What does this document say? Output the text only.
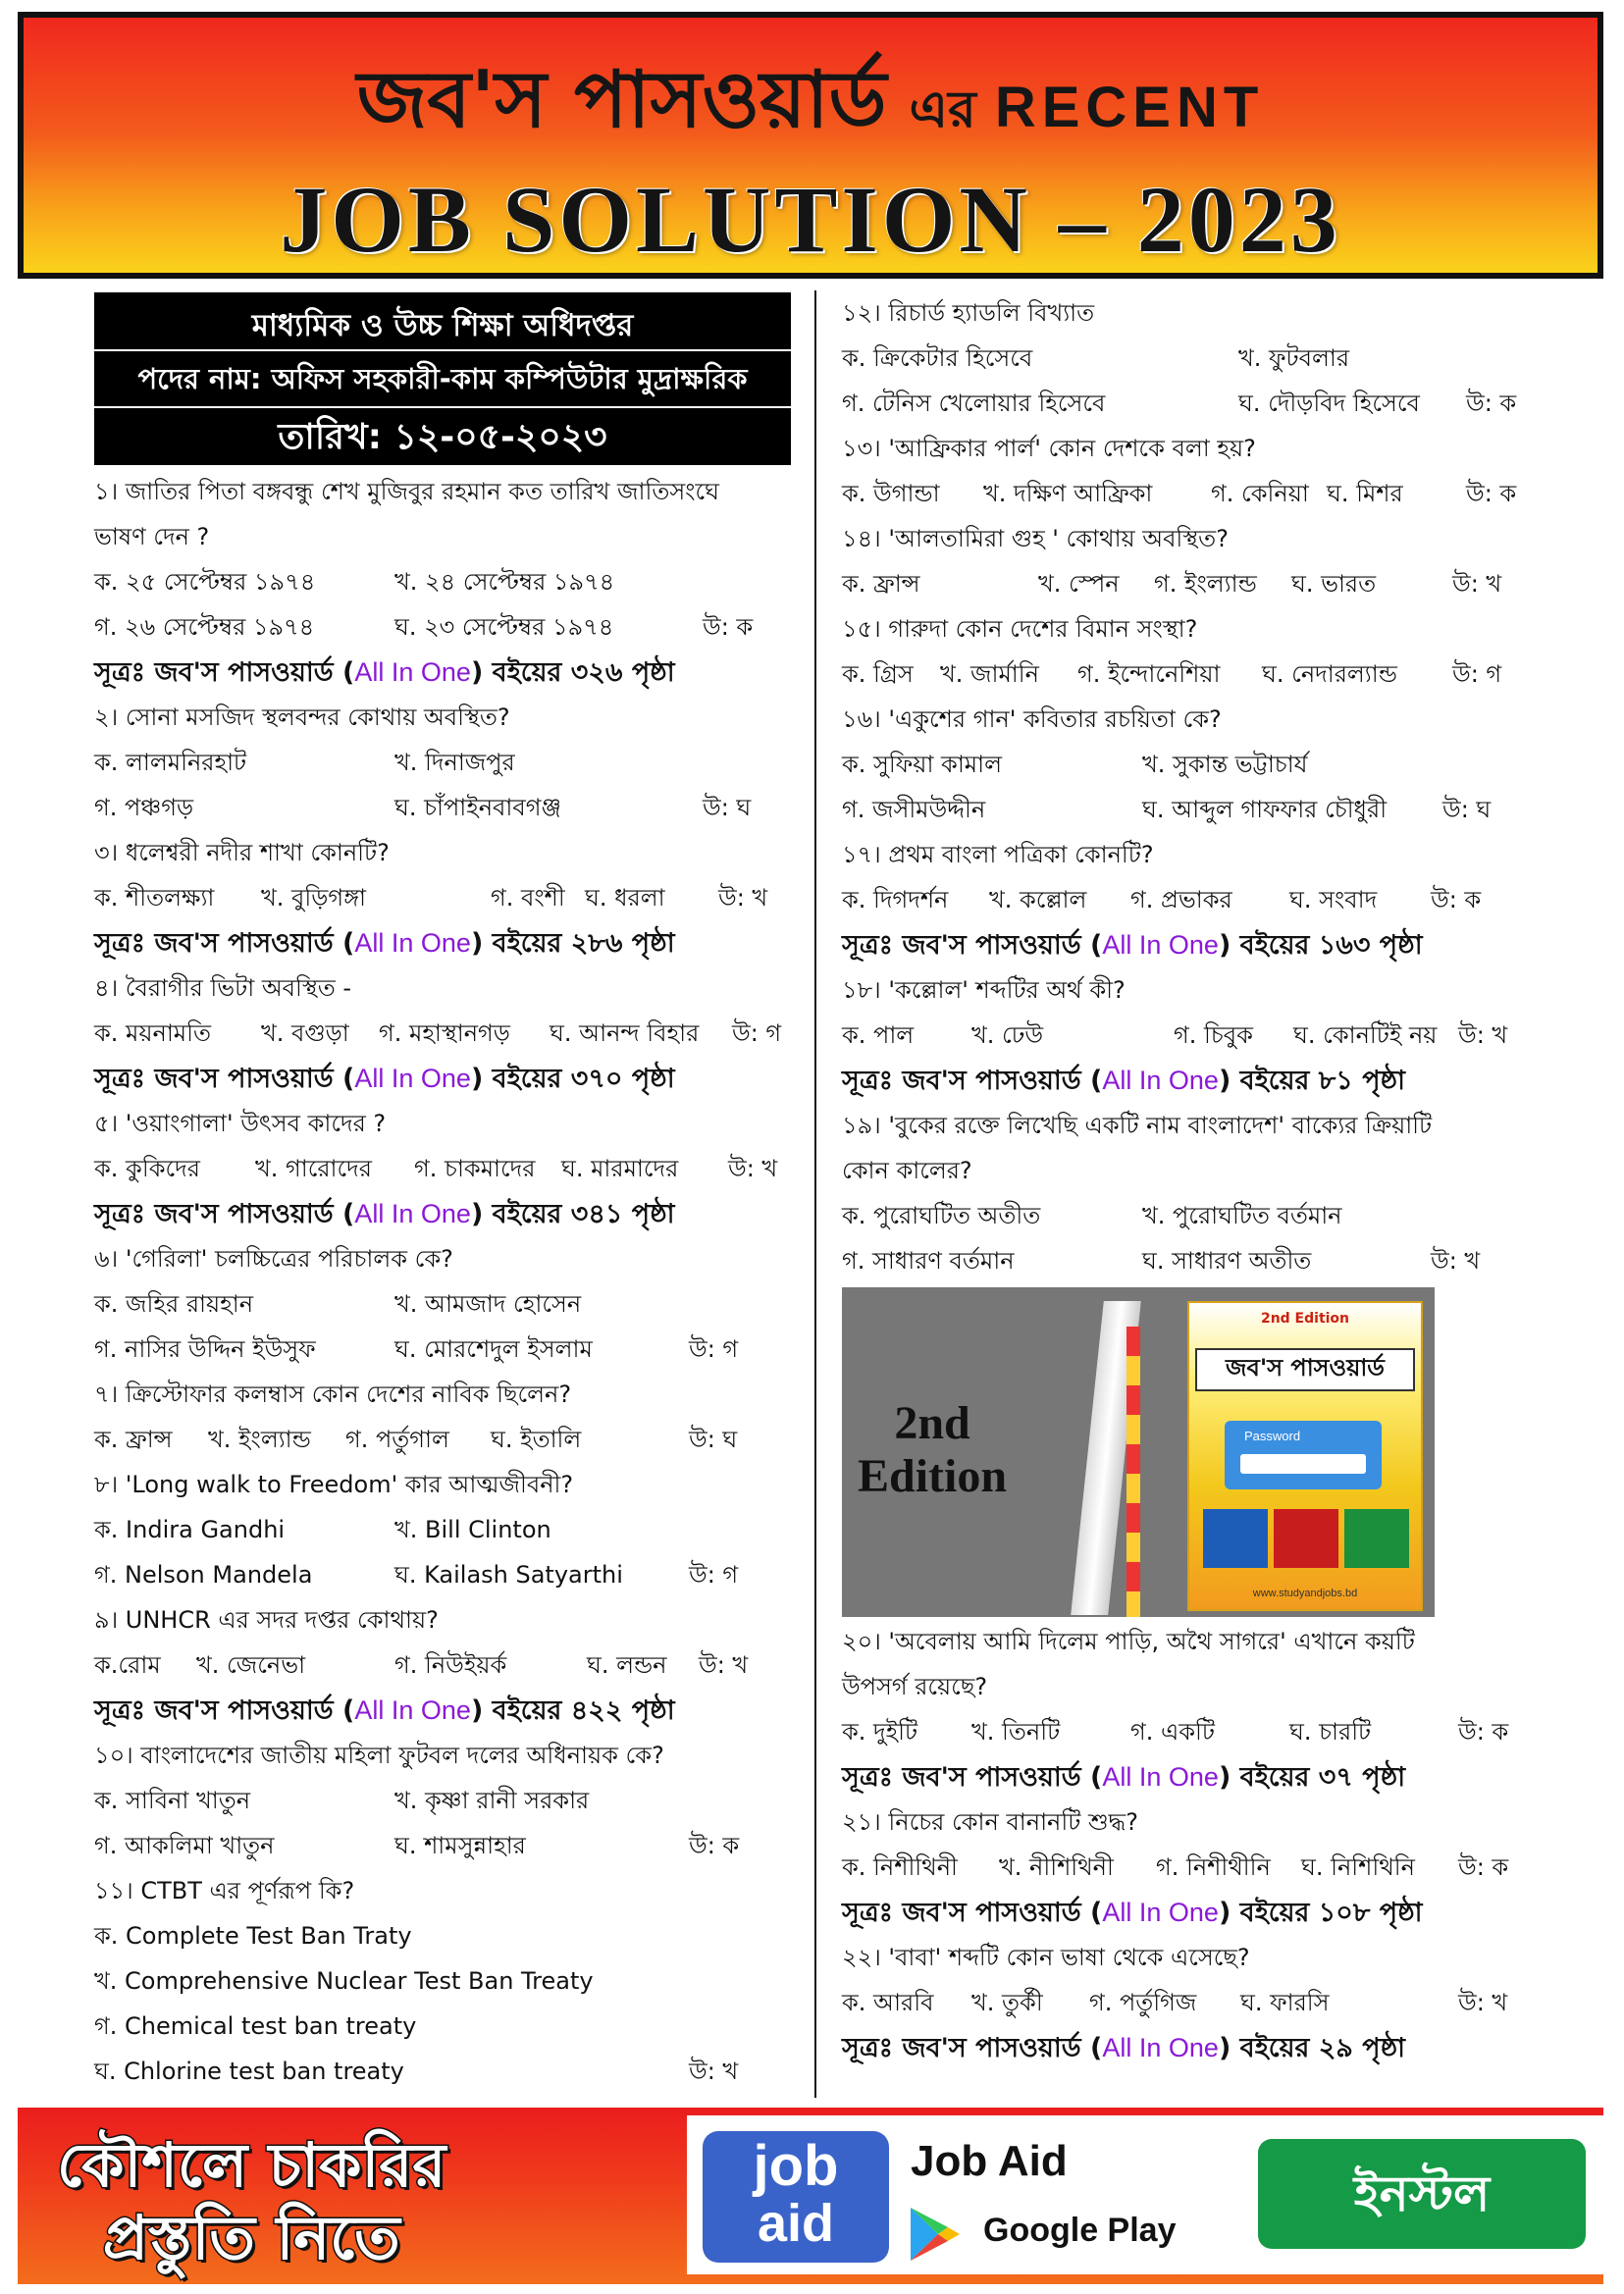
জব'স পাসওয়ার্ড এর RECENT
JOB SOLUTION – 2023
মাধ্যমিক ও উচ্চ শিক্ষা অধিদপ্তর
পদের নাম: অফিস সহকারী-কাম কম্পিউটার মুদ্রাক্ষরিক
তারিখ: ১২-০৫-২০২৩
১। জাতির পিতা বঙ্গবন্ধু শেখ মুজিবুর রহমান কত তারিখ জাতিসংঘে
ভাষণ দেন ?
ক. ২৫ সেপ্টেম্বর ১৯৭৪	খ. ২৪ সেপ্টেম্বর ১৯৭৪
গ. ২৬ সেপ্টেম্বর ১৯৭৪	ঘ. ২৩ সেপ্টেম্বর ১৯৭৪	উ: ক
সূত্রঃ জব'স পাসওয়ার্ড (All In One) বইয়ের ৩২৬ পৃষ্ঠা
২। সোনা মসজিদ স্থলবন্দর কোথায় অবস্থিত?
ক. লালমনিরহাট	খ. দিনাজপুর
গ. পঞ্চগড়	ঘ. চাঁপাইনবাবগঞ্জ	উ: ঘ
৩। ধলেশ্বরী নদীর শাখা কোনটি?
ক. শীতলক্ষ্যা খ. বুড়িগঙ্গা	গ. বংশী ঘ. ধরলা উ: খ
সূত্রঃ জব'স পাসওয়ার্ড (All In One) বইয়ের ২৮৬ পৃষ্ঠা
৪। বৈরাগীর ভিটা অবস্থিত -
ক. ময়নামতি খ. বগুড়া গ. মহাস্থানগড় ঘ. আনন্দ বিহার উ: গ
সূত্রঃ জব'স পাসওয়ার্ড (All In One) বইয়ের ৩৭০ পৃষ্ঠা
৫। 'ওয়াংগালা' উৎসব কাদের ?
ক. কুকিদের খ. গারোদের গ. চাকমাদের ঘ. মারমাদের উ: খ
সূত্রঃ জব'স পাসওয়ার্ড (All In One) বইয়ের ৩৪১ পৃষ্ঠা
৬। 'গেরিলা' চলচ্চিত্রের পরিচালক কে?
ক. জহির রায়হান	খ. আমজাদ হোসেন
গ. নাসির উদ্দিন ইউসুফ	ঘ. মোরশেদুল ইসলাম	উ: গ
৭। ক্রিস্টোফার কলম্বাস কোন দেশের নাবিক ছিলেন?
ক. ফ্রান্স খ. ইংল্যান্ড গ. পর্তুগাল ঘ. ইতালি	উ: ঘ
৮। 'Long walk to Freedom' কার আত্মজীবনী?
ক. Indira Gandhi	খ. Bill Clinton
গ. Nelson Mandela	ঘ. Kailash Satyarthi	উ: গ
৯। UNHCR এর সদর দপ্তর কোথায়?
ক.রোম খ. জেনেভা	গ. নিউইয়র্ক	ঘ. লন্ডন উ: খ
সূত্রঃ জব'স পাসওয়ার্ড (All In One) বইয়ের ৪২২ পৃষ্ঠা
১০। বাংলাদেশের জাতীয় মহিলা ফুটবল দলের অধিনায়ক কে?
ক. সাবিনা খাতুন	খ. কৃষ্ণা রানী সরকার
গ. আকলিমা খাতুন	ঘ. শামসুন্নাহার	উ: ক
১১। CTBT এর পূর্ণরূপ কি?
ক. Complete Test Ban Traty
খ. Comprehensive Nuclear Test Ban Treaty
গ. Chemical test ban treaty
ঘ. Chlorine test ban treaty	উ: খ
১২। রিচার্ড হ্যাডলি বিখ্যাত
ক. ক্রিকেটার হিসেবে	খ. ফুটবলার
গ. টেনিস খেলোয়ার হিসেবে	ঘ. দৌড়বিদ হিসেবে উ: ক
১৩। 'আফ্রিকার পার্ল' কোন দেশকে বলা হয়?
ক. উগান্ডা খ. দক্ষিণ আফ্রিকা গ. কেনিয়া ঘ. মিশর	উ: ক
১৪। 'আলতামিরা গুহ ' কোথায় অবস্থিত?
ক. ফ্রান্স	খ. স্পেন গ. ইংল্যান্ড ঘ. ভারত	উ: খ
১৫। গারুদা কোন দেশের বিমান সংস্থা?
ক. গ্রিস খ. জার্মানি গ. ইন্দোনেশিয়া ঘ. নেদারল্যান্ড উ: গ
১৬। 'একুশের গান' কবিতার রচয়িতা কে?
ক. সুফিয়া কামাল	খ. সুকান্ত ভট্টাচার্য
গ. জসীমউদ্দীন	ঘ. আব্দুল গাফফার চৌধুরী উ: ঘ
১৭। প্রথম বাংলা পত্রিকা কোনটি?
ক. দিগদর্শন খ. কল্লোল গ. প্রভাকর ঘ. সংবাদ উ: ক
সূত্রঃ জব'স পাসওয়ার্ড (All In One) বইয়ের ১৬৩ পৃষ্ঠা
১৮। 'কল্লোল' শব্দটির অর্থ কী?
ক. পাল খ. ঢেউ	গ. চিবুক ঘ. কোনটিই নয় উ: খ
সূত্রঃ জব'স পাসওয়ার্ড (All In One) বইয়ের ৮১ পৃষ্ঠা
১৯। 'বুকের রক্তে লিখেছি একটি নাম বাংলাদেশ' বাক্যের ক্রিয়াটি
কোন কালের?
ক. পুরোঘটিত অতীত	খ. পুরোঘটিত বর্তমান
গ. সাধারণ বর্তমান	ঘ. সাধারণ অতীত	উ: খ
2nd
Edition
2nd Edition
জব'স পাসওয়ার্ড
Password
www.studyandjobs.bd
২০। 'অবেলায় আমি দিলেম পাড়ি, অথৈ সাগরে' এখানে কয়টি
উপসর্গ রয়েছে?
ক. দুইটি খ. তিনটি	গ. একটি	ঘ. চারটি	উ: ক
সূত্রঃ জব'স পাসওয়ার্ড (All In One) বইয়ের ৩৭ পৃষ্ঠা
২১। নিচের কোন বানানটি শুদ্ধ?
ক. নিশীথিনী খ. নীশিথিনী গ. নিশীথীনি ঘ. নিশিথিনি উ: ক
সূত্রঃ জব'স পাসওয়ার্ড (All In One) বইয়ের ১০৮ পৃষ্ঠা
২২। 'বাবা' শব্দটি কোন ভাষা থেকে এসেছে?
ক. আরবি খ. তুর্কী গ. পর্তুগিজ ঘ. ফারসি	উ: খ
সূত্রঃ জব'স পাসওয়ার্ড (All In One) বইয়ের ২৯ পৃষ্ঠা
কৌশলে চাকরির
প্রস্তুতি নিতে
job
aid
Job Aid
Google Play
ইনস্টল
